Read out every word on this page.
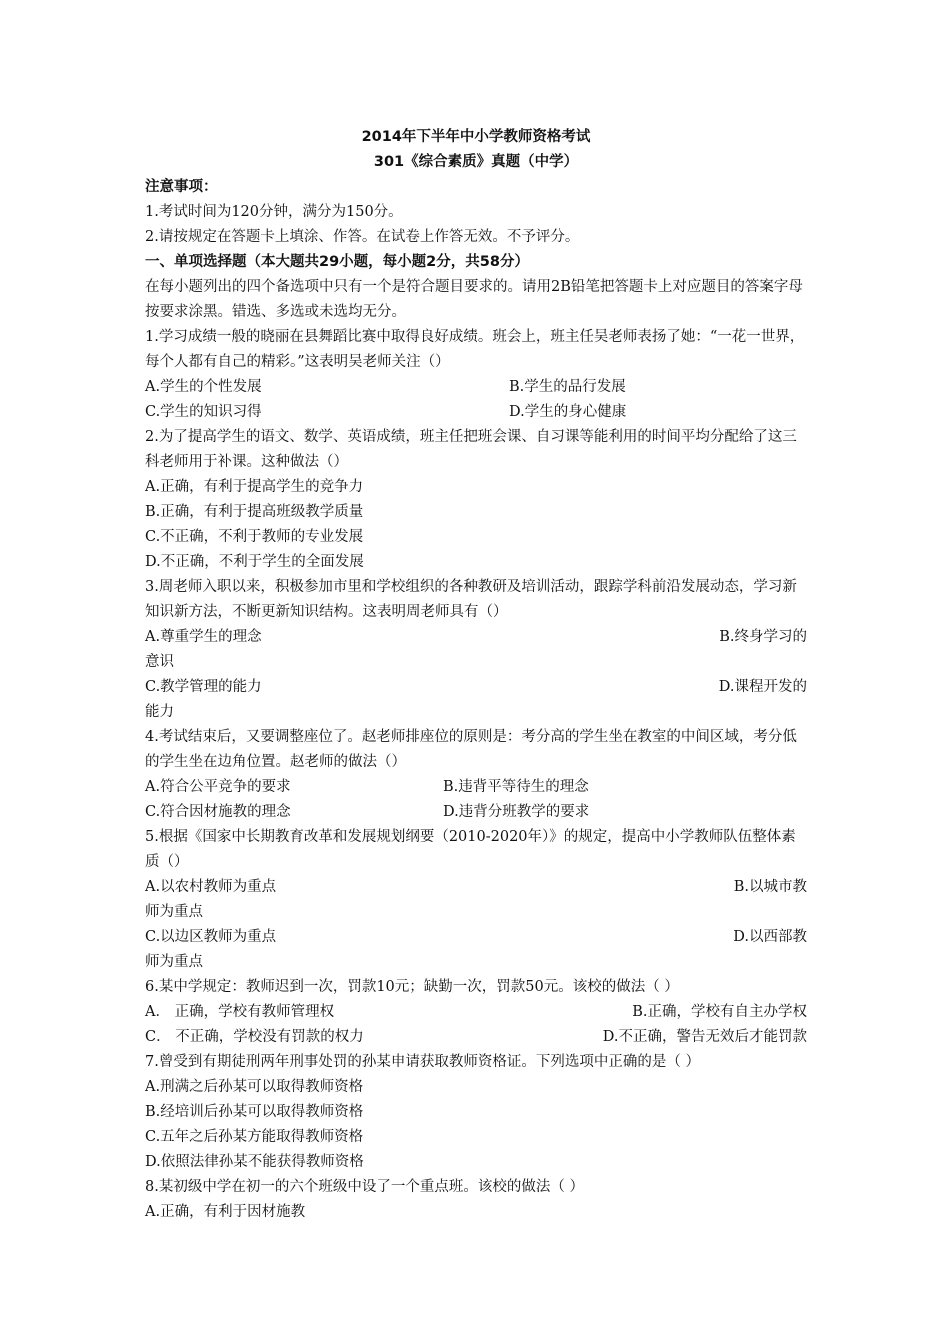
2014年下半年中小学教师资格考试
301《综合素质》真题（中学）
注意事项：
1.考试时间为120分钟，满分为150分。
2.请按规定在答题卡上填涂、作答。在试卷上作答无效。不予评分。
一、单项选择题（本大题共29小题，每小题2分，共58分）
在每小题列出的四个备选项中只有一个是符合题目要求的。请用2B铅笔把答题卡上对应题目的答案字母按要求涂黑。错选、多选或未选均无分。
1.学习成绩一般的晓丽在县舞蹈比赛中取得良好成绩。班会上，班主任吴老师表扬了她：“一花一世界，每个人都有自己的精彩。”这表明吴老师关注（）
A.学生的个性发展	B.学生的品行发展
C.学生的知识习得	D.学生的身心健康
2.为了提高学生的语文、数学、英语成绩，班主任把班会课、自习课等能利用的时间平均分配给了这三科老师用于补课。这种做法（）
A.正确，有利于提高学生的竞争力
B.正确，有利于提高班级教学质量
C.不正确，不利于教师的专业发展
D.不正确，不利于学生的全面发展
3.周老师入职以来，积极参加市里和学校组织的各种教研及培训活动，跟踪学科前沿发展动态，学习新知识新方法，不断更新知识结构。这表明周老师具有（）
A.尊重学生的理念	B.终身学习的
意识
C.教学管理的能力	D.课程开发的
能力
4.考试结束后，又要调整座位了。赵老师排座位的原则是：考分高的学生坐在教室的中间区域，考分低的学生坐在边角位置。赵老师的做法（）
A.符合公平竞争的要求	B.违背平等待生的理念
C.符合因材施教的理念	D.违背分班教学的要求
5.根据《国家中长期教育改革和发展规划纲要（2010-2020年）》的规定，提高中小学教师队伍整体素质（）
A.以农村教师为重点	B.以城市教
师为重点
C.以边区教师为重点	D.以西部教
师为重点
6.某中学规定：教师迟到一次，罚款10元；缺勤一次，罚款50元。该校的做法（ ）
A． 正确，学校有教师管理权	B.正确，学校有自主办学权
C． 不正确，学校没有罚款的权力	D.不正确，警告无效后才能罚款
7.曾受到有期徒刑两年刑事处罚的孙某申请获取教师资格证。下列选项中正确的是（ ）
A.刑满之后孙某可以取得教师资格
B.经培训后孙某可以取得教师资格
C.五年之后孙某方能取得教师资格
D.依照法律孙某不能获得教师资格
8.某初级中学在初一的六个班级中设了一个重点班。该校的做法（ ）
A.正确，有利于因材施教
